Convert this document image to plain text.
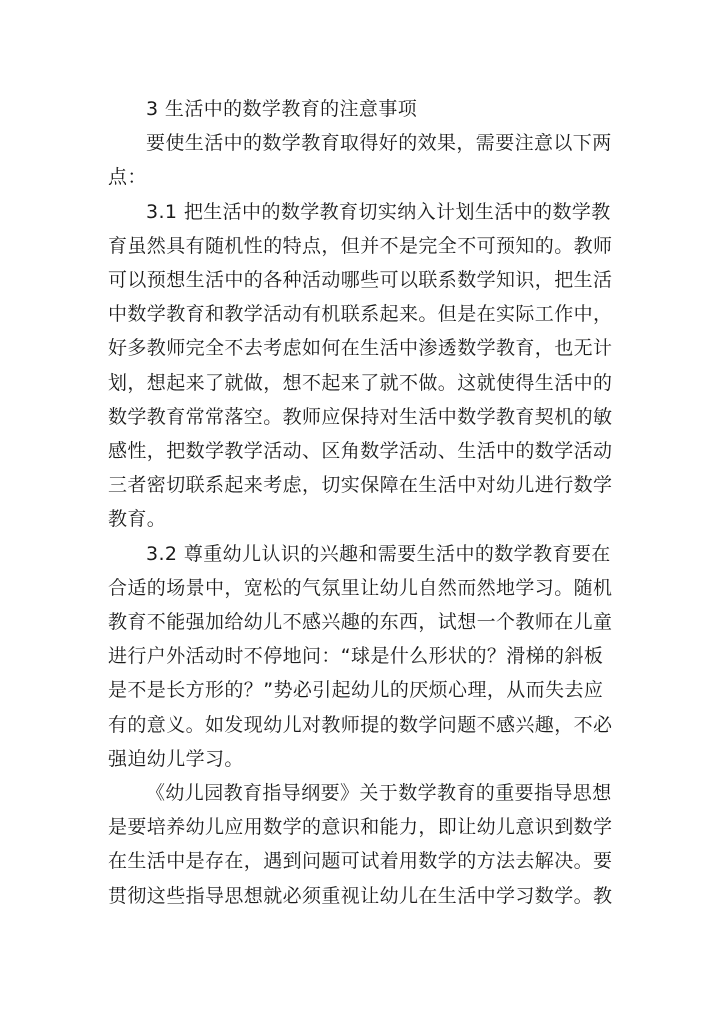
3 生活中的数学教育的注意事项

要使生活中的数学教育取得好的效果，需要注意以下两
点：

3.1 把生活中的数学教育切实纳入计划生活中的数学教
育虽然具有随机性的特点，但并不是完全不可预知的。教师
可以预想生活中的各种活动哪些可以联系数学知识，把生活
中数学教育和教学活动有机联系起来。但是在实际工作中，
好多教师完全不去考虑如何在生活中渗透数学教育，也无计
划，想起来了就做，想不起来了就不做。这就使得生活中的
数学教育常常落空。教师应保持对生活中数学教育契机的敏
感性，把数学教学活动、区角数学活动、生活中的数学活动
三者密切联系起来考虑，切实保障在生活中对幼儿进行数学
教育。

3.2 尊重幼儿认识的兴趣和需要生活中的数学教育要在
合适的场景中，宽松的气氛里让幼儿自然而然地学习。随机
教育不能强加给幼儿不感兴趣的东西，试想一个教师在儿童
进行户外活动时不停地问：“球是什么形状的？滑梯的斜板
是不是长方形的？”势必引起幼儿的厌烦心理，从而失去应
有的意义。如发现幼儿对教师提的数学问题不感兴趣，不必
强迫幼儿学习。

《幼儿园教育指导纲要》关于数学教育的重要指导思想
是要培养幼儿应用数学的意识和能力，即让幼儿意识到数学
在生活中是存在，遇到问题可试着用数学的方法去解决。要
贯彻这些指导思想就必须重视让幼儿在生活中学习数学。教
